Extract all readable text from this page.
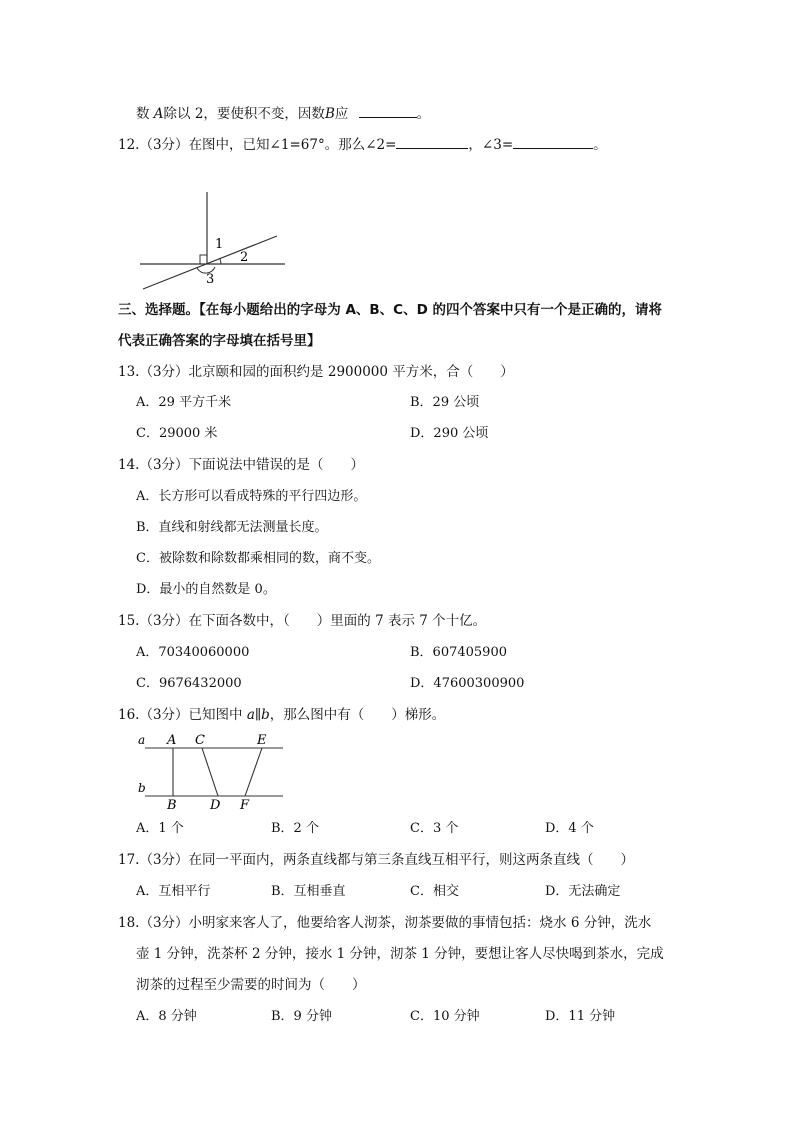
数 A除以 2，要使积不变，因数B应	。
12.（3分）在图中，已知∠1=67°。那么∠2=	，∠3=	。
1
2
3
三、选择题。【在每小题给出的字母为 A、B、C、D 的四个答案中只有一个是正确的，请将
代表正确答案的字母填在括号里】
13.（3分）北京颐和园的面积约是 2900000 平方米，合（　　）
A．29 平方千米	B．29 公顷
C．29000 米	D．290 公顷
14.（3分）下面说法中错误的是（　　）
A．长方形可以看成特殊的平行四边形。
B．直线和射线都无法测量长度。
C．被除数和除数都乘相同的数，商不变。
D．最小的自然数是 0。
15.（3分）在下面各数中，（　　）里面的 7 表示 7 个十亿。
A．70340060000	B．607405900
C．9676432000	D．47600300900
16.（3分）已知图中 a∥b，那么图中有（　　）梯形。
a
b
A C	E
B	D F
A．1 个	B．2 个	C．3 个	D．4 个
17.（3分）在同一平面内，两条直线都与第三条直线互相平行，则这两条直线（　　）
A．互相平行	B．互相垂直	C．相交	D．无法确定
18.（3分）小明家来客人了，他要给客人沏茶，沏茶要做的事情包括：烧水 6 分钟，洗水
壶 1 分钟，洗茶杯 2 分钟，接水 1 分钟，沏茶 1 分钟，要想让客人尽快喝到茶水，完成
沏茶的过程至少需要的时间为（　　）
A．8 分钟	B．9 分钟	C．10 分钟	D．11 分钟
